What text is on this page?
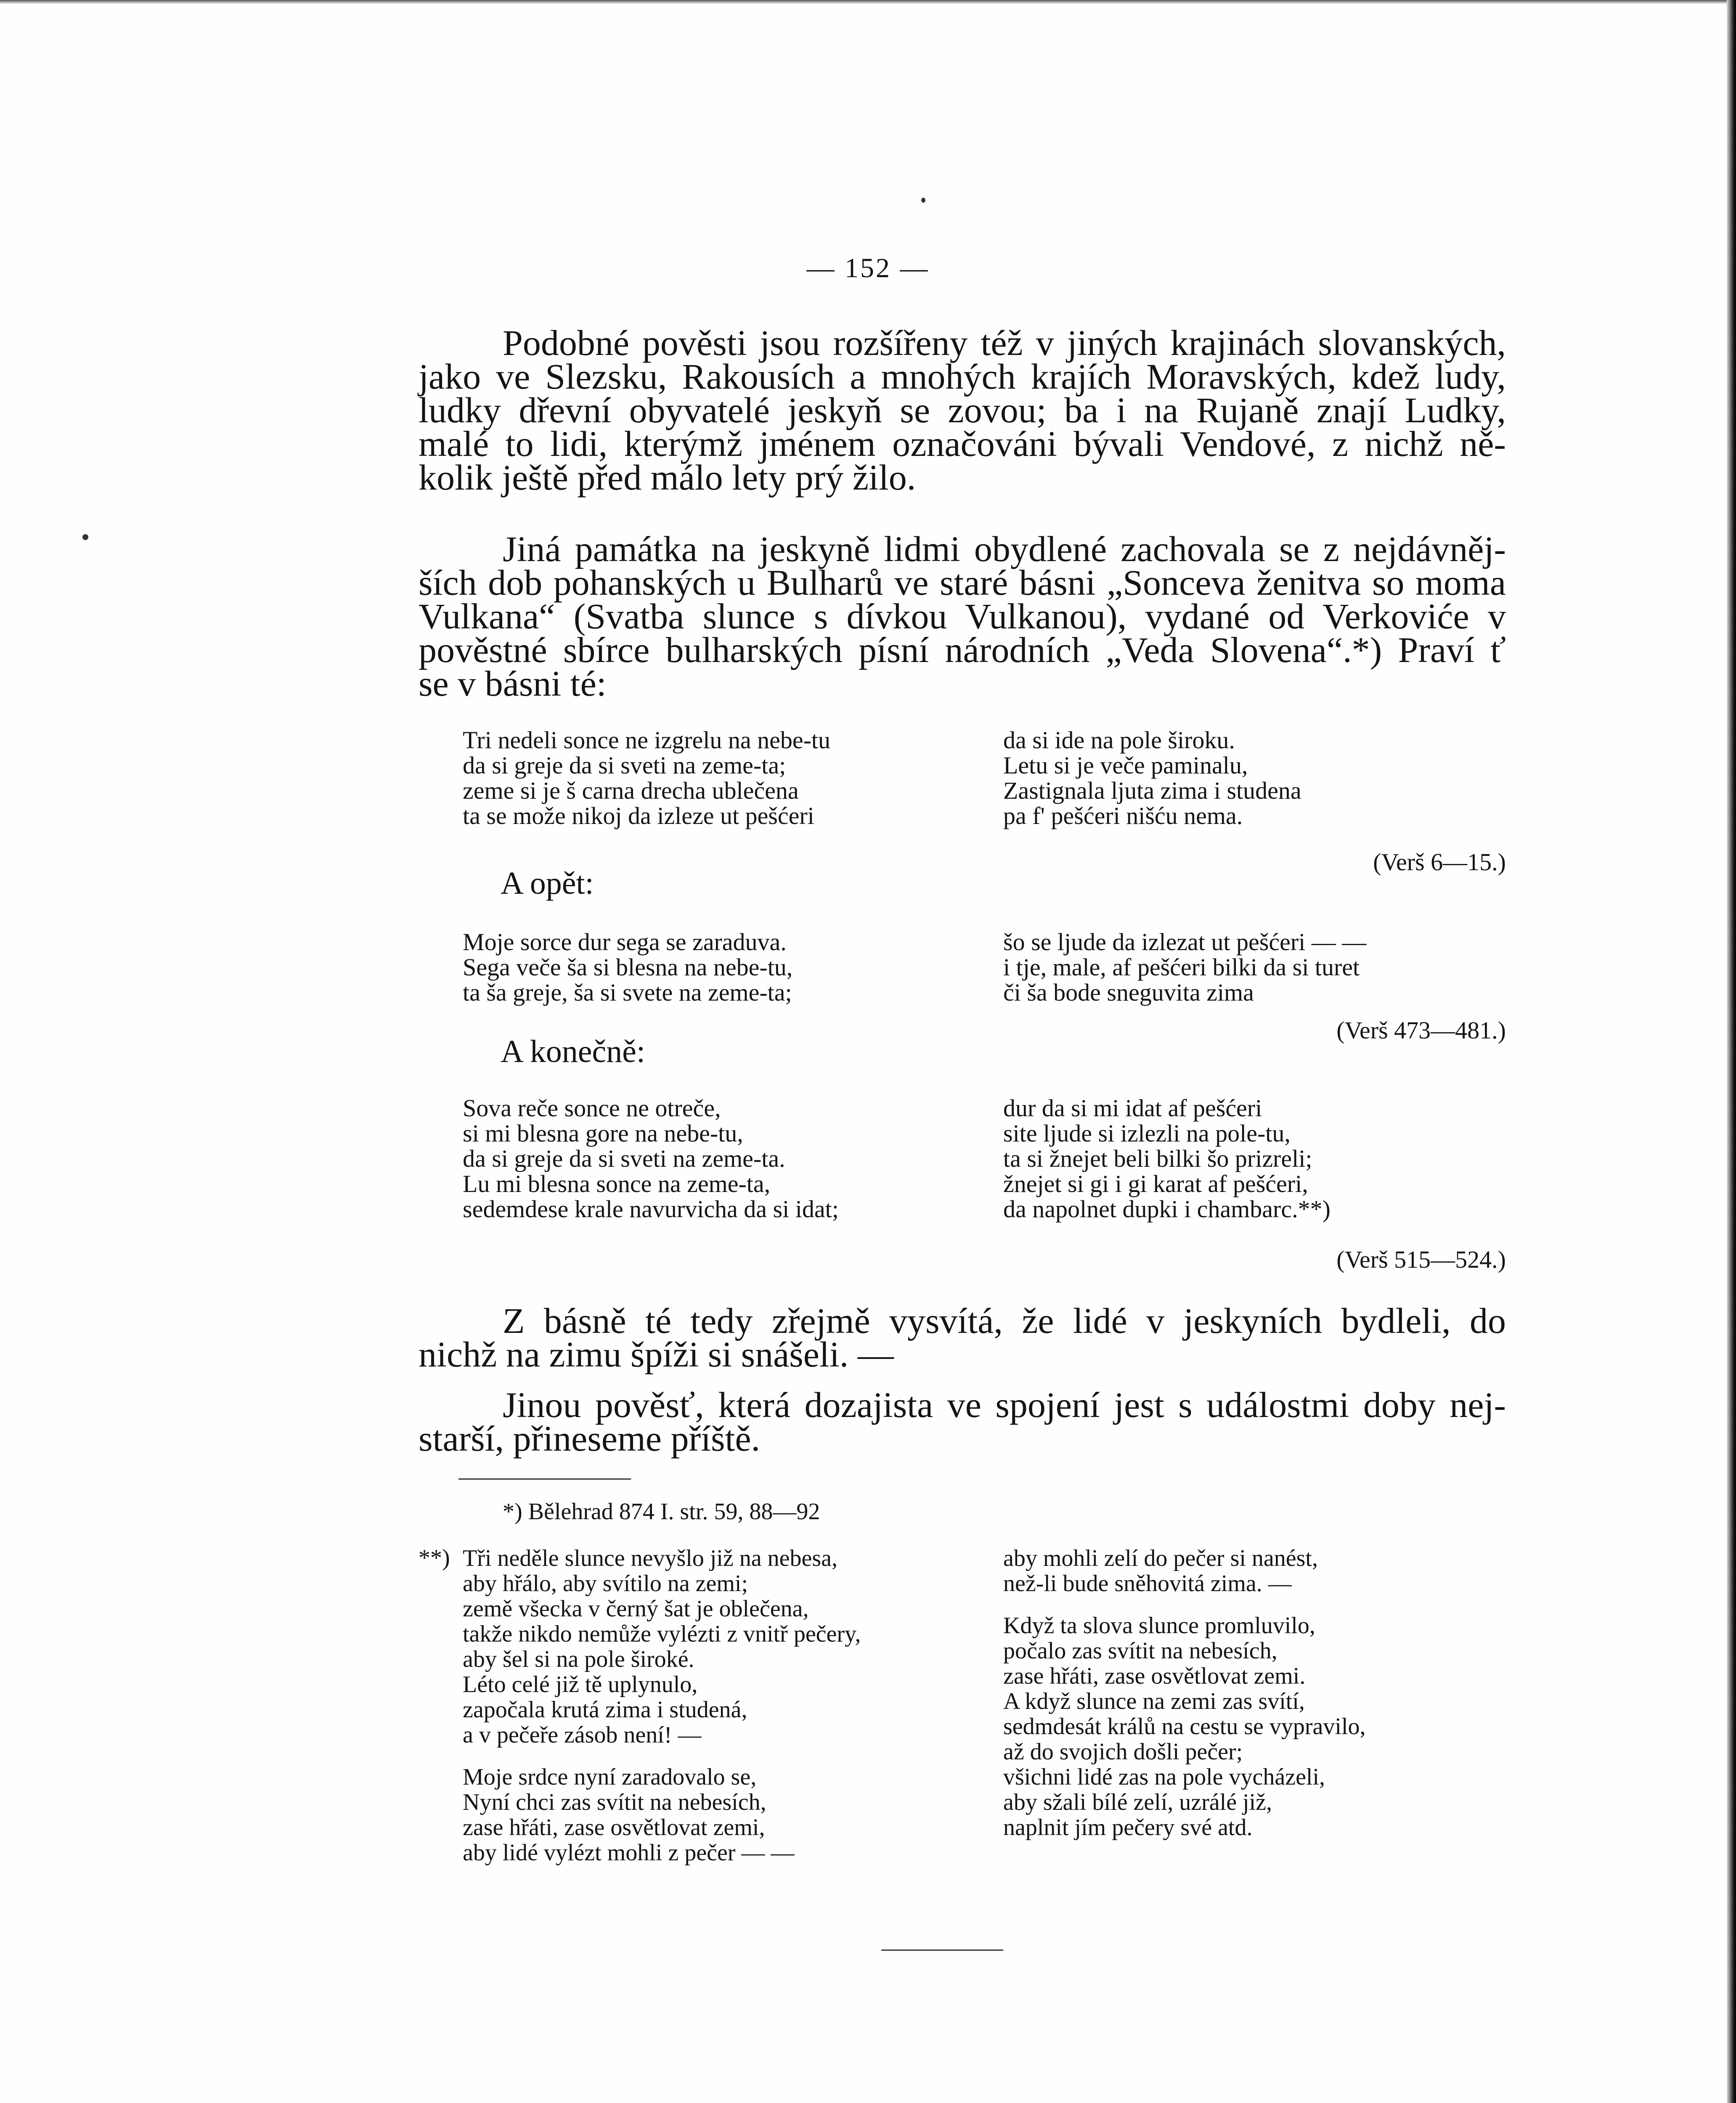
— 152 —
Podobné pověsti jsou rozšířeny též v jiných krajinách slovanských,
jako ve Slezsku, Rakousích a mnohých krajích Moravských, kdež ludy,
ludky dřevní obyvatelé jeskyň se zovou; ba i na Rujaně znají Ludky,
malé to lidi, kterýmž jménem označováni bývali Vendové, z nichž ně-
kolik ještě před málo lety prý žilo.
Jiná památka na jeskyně lidmi obydlené zachovala se z nejdávněj-
ších dob pohanských u Bulharů ve staré básni „Sonceva ženitva so moma
Vulkana“ (Svatba slunce s dívkou Vulkanou), vydané od Verkoviće v
pověstné sbírce bulharských písní národních „Veda Slovena“.*) Praví ť
se v básni té:
Tri nedeli sonce ne izgrelu na nebe-tu
da si greje da si sveti na zeme-ta;
zeme si je š carna drecha ublečena
ta se može nikoj da izleze ut pešćeri
da si ide na pole široku.
Letu si je veče paminalu,
Zastignala ljuta zima i studena
pa f' pešćeri nišću nema.
(Verš 6—15.)
A opět:
Moje sorce dur sega se zaraduva.
Sega veče ša si blesna na nebe-tu,
ta ša greje, ša si svete na zeme-ta;
šo se ljude da izlezat ut pešćeri — —
i tje, male, af pešćeri bilki da si turet
či ša bode sneguvita zima
(Verš 473—481.)
A konečně:
Sova reče sonce ne otreče,
si mi blesna gore na nebe-tu,
da si greje da si sveti na zeme-ta.
Lu mi blesna sonce na zeme-ta,
sedemdese krale navurvicha da si idat;
dur da si mi idat af pešćeri
site ljude si izlezli na pole-tu,
ta si žnejet beli bilki šo prizreli;
žnejet si gi i gi karat af pešćeri,
da napolnet dupki i chambarc.**)
(Verš 515—524.)
Z básně té tedy zřejmě vysvítá, že lidé v jeskyních bydleli, do
nichž na zimu špíži si snášeli. —
Jinou pověsť, která dozajista ve spojení jest s událostmi doby nej-
starší, přineseme příště.
*) Bělehrad 874 I. str. 59, 88—92
**) Tři neděle slunce nevyšlo již na nebesa,
aby hřálo, aby svítilo na zemi;
země všecka v černý šat je oblečena,
takže nikdo nemůže vylézti z vnitř pečery,
aby šel si na pole široké.
Léto celé již tě uplynulo,
započala krutá zima i studená,
a v pečeře zásob není! —
Moje srdce nyní zaradovalo se,
Nyní chci zas svítit na nebesích,
zase hřáti, zase osvětlovat zemi,
aby lidé vylézt mohli z pečer — —
aby mohli zelí do pečer si nanést,
než-li bude sněhovitá zima. —
Když ta slova slunce promluvilo,
počalo zas svítit na nebesích,
zase hřáti, zase osvětlovat zemi.
A když slunce na zemi zas svítí,
sedmdesát králů na cestu se vypravilo,
až do svojich došli pečer;
všichni lidé zas na pole vycházeli,
aby sžali bílé zelí, uzrálé již,
naplnit jím pečery své atd.
